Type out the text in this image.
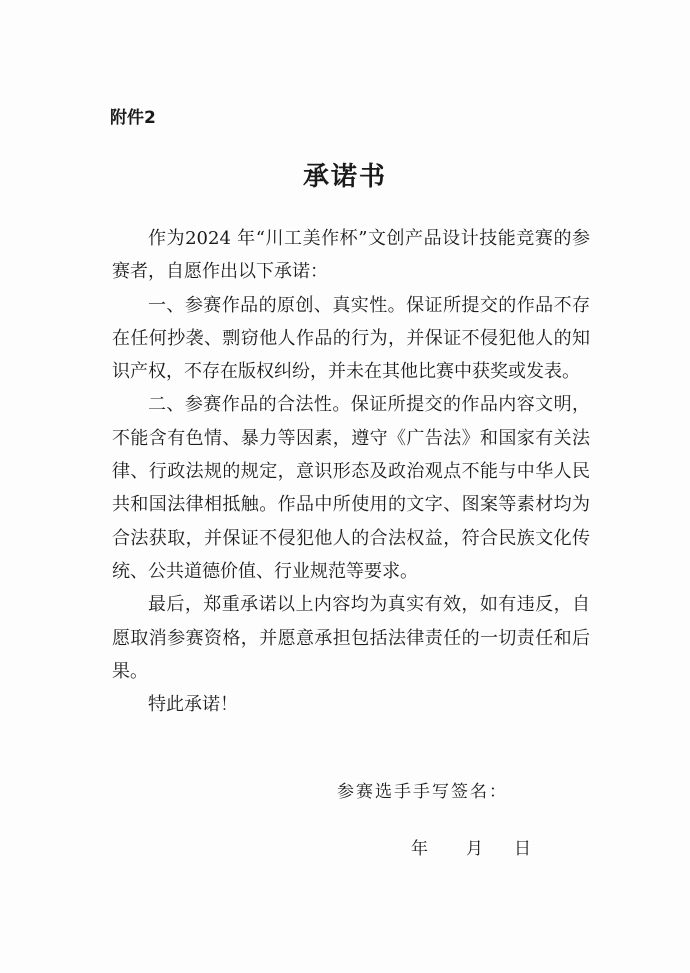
附件2
承诺书

作为2024 年“川工美作杯”文创产品设计技能竞赛的参赛者，自愿作出以下承诺：

一、参赛作品的原创、真实性。保证所提交的作品不存在任何抄袭、剽窃他人作品的行为，并保证不侵犯他人的知识产权，不存在版权纠纷，并未在其他比赛中获奖或发表。

二、参赛作品的合法性。保证所提交的作品内容文明，不能含有色情、暴力等因素，遵守《广告法》和国家有关法律、行政法规的规定，意识形态及政治观点不能与中华人民共和国法律相抵触。作品中所使用的文字、图案等素材均为合法获取，并保证不侵犯他人的合法权益，符合民族文化传统、公共道德价值、行业规范等要求。

最后，郑重承诺以上内容均为真实有效，如有违反，自愿取消参赛资格，并愿意承担包括法律责任的一切责任和后果。

特此承诺！

参赛选手手写签名：
年 月 日
